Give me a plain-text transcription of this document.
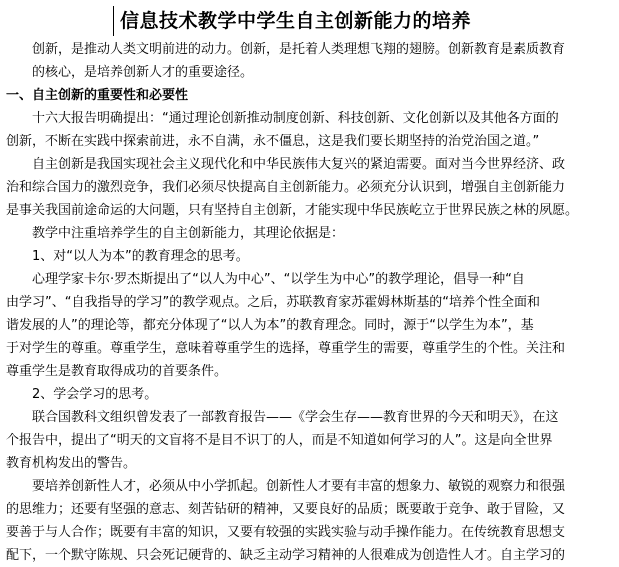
信息技术教学中学生自主创新能力的培养
创新，是推动人类文明前进的动力。创新，是托着人类理想飞翔的翅膀。创新教育是素质教育
的核心，是培养创新人才的重要途径。
一、自主创新的重要性和必要性
十六大报告明确提出：“通过理论创新推动制度创新、科技创新、文化创新以及其他各方面的
创新，不断在实践中探索前进，永不自满，永不僵息，这是我们要长期坚持的治党治国之道。”
自主创新是我国实现社会主义现代化和中华民族伟大复兴的紧迫需要。面对当今世界经济、政
治和综合国力的激烈竞争，我们必须尽快提高自主创新能力。必须充分认识到，增强自主创新能力
是事关我国前途命运的大问题，只有坚持自主创新，才能实现中华民族屹立于世界民族之林的夙愿。
教学中注重培养学生的自主创新能力，其理论依据是：
1、对“以人为本”的教育理念的思考。
心理学家卡尔·罗杰斯提出了“以人为中心”、“以学生为中心”的教学理论，倡导一种“自
由学习”、“自我指导的学习”的教学观点。之后，苏联教育家苏霍姆林斯基的“培养个性全面和
谐发展的人”的理论等，都充分体现了“以人为本”的教育理念。同时，源于“以学生为本”，基
于对学生的尊重。尊重学生，意味着尊重学生的选择，尊重学生的需要，尊重学生的个性。关注和
尊重学生是教育取得成功的首要条件。
2、学会学习的思考。
联合国教科文组织曾发表了一部教育报告——《学会生存——教育世界的今天和明天》，在这
个报告中，提出了“明天的文盲将不是目不识丁的人，而是不知道如何学习的人”。这是向全世界
教育机构发出的警告。
要培养创新性人才，必须从中小学抓起。创新性人才要有丰富的想象力、敏锐的观察力和很强
的思维力；还要有坚强的意志、刻苦钻研的精神，又要良好的品质；既要敢于竞争、敢于冒险，又
要善于与人合作；既要有丰富的知识，又要有较强的实践实验与动手操作能力。在传统教育思想支
配下，一个默守陈规、只会死记硬背的、缺乏主动学习精神的人很难成为创造性人才。自主学习的
